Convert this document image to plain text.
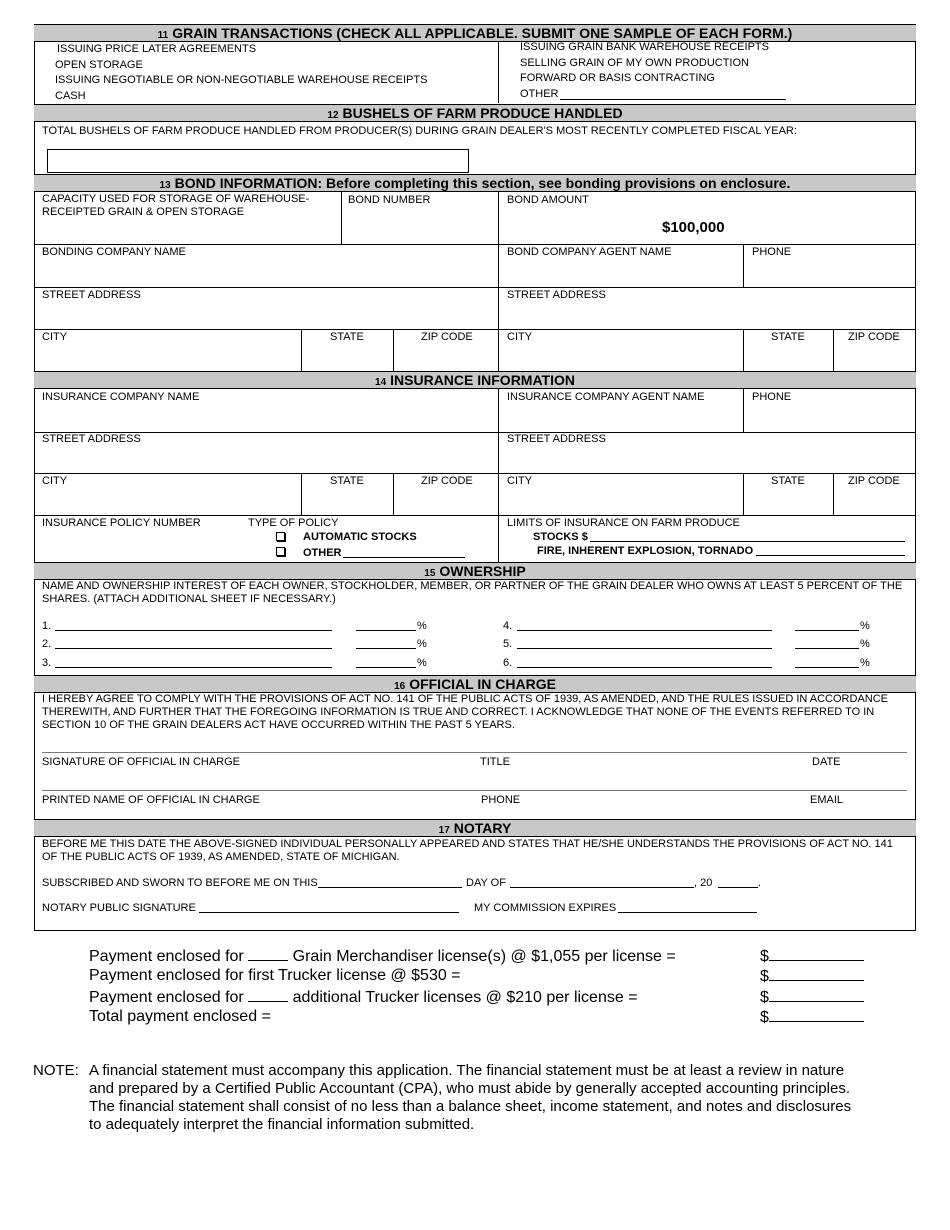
11 GRAIN TRANSACTIONS (CHECK ALL APPLICABLE. SUBMIT ONE SAMPLE OF EACH FORM.)
ISSUING PRICE LATER AGREEMENTS
OPEN STORAGE
ISSUING NEGOTIABLE OR NON-NEGOTIABLE WAREHOUSE RECEIPTS
CASH
ISSUING GRAIN BANK WAREHOUSE RECEIPTS
SELLING GRAIN OF MY OWN PRODUCTION
FORWARD OR BASIS CONTRACTING
OTHER
12 BUSHELS OF FARM PRODUCE HANDLED
TOTAL BUSHELS OF FARM PRODUCE HANDLED FROM PRODUCER(S) DURING GRAIN DEALER'S MOST RECENTLY COMPLETED FISCAL YEAR:
13 BOND INFORMATION: Before completing this section, see bonding provisions on enclosure.
CAPACITY USED FOR STORAGE OF WAREHOUSE-
RECEIPTED GRAIN & OPEN STORAGE
BOND NUMBER	BOND AMOUNT
$100,000
BONDING COMPANY NAME	BOND COMPANY AGENT NAME	PHONE
STREET ADDRESS	STREET ADDRESS
CITY	STATE	ZIP CODE	CITY	STATE	ZIP CODE
14 INSURANCE INFORMATION
INSURANCE COMPANY NAME	INSURANCE COMPANY AGENT NAME	PHONE
STREET ADDRESS	STREET ADDRESS
CITY	STATE	ZIP CODE	CITY	STATE	ZIP CODE
INSURANCE POLICY NUMBER	TYPE OF POLICY
AUTOMATIC STOCKS
OTHER
LIMITS OF INSURANCE ON FARM PRODUCE
STOCKS $
FIRE, INHERENT EXPLOSION, TORNADO
15 OWNERSHIP
NAME AND OWNERSHIP INTEREST OF EACH OWNER, STOCKHOLDER, MEMBER, OR PARTNER OF THE GRAIN DEALER WHO OWNS AT LEAST 5 PERCENT OF THE SHARES. (ATTACH ADDITIONAL SHEET IF NECESSARY.)
1.	%
2.	%
3.	%
4.	%
5.	%
6.	%
16 OFFICIAL IN CHARGE
I HEREBY AGREE TO COMPLY WITH THE PROVISIONS OF ACT NO. 141 OF THE PUBLIC ACTS OF 1939, AS AMENDED, AND THE RULES ISSUED IN ACCORDANCE THEREWITH, AND FURTHER THAT THE FOREGOING INFORMATION IS TRUE AND CORRECT. I ACKNOWLEDGE THAT NONE OF THE EVENTS REFERRED TO IN SECTION 10 OF THE GRAIN DEALERS ACT HAVE OCCURRED WITHIN THE PAST 5 YEARS.
SIGNATURE OF OFFICIAL IN CHARGE	TITLE	DATE
PRINTED NAME OF OFFICIAL IN CHARGE	PHONE	EMAIL
17 NOTARY
BEFORE ME THIS DATE THE ABOVE-SIGNED INDIVIDUAL PERSONALLY APPEARED AND STATES THAT HE/SHE UNDERSTANDS THE PROVISIONS OF ACT NO. 141 OF THE PUBLIC ACTS OF 1939, AS AMENDED, STATE OF MICHIGAN.
SUBSCRIBED AND SWORN TO BEFORE ME ON THIS	DAY OF	, 20	.
NOTARY PUBLIC SIGNATURE	MY COMMISSION EXPIRES
Payment enclosed for	Grain Merchandiser license(s) @ $1,055 per license =
Payment enclosed for first Trucker license @ $530 =
Payment enclosed for	additional Trucker licenses @ $210 per license =
Total payment enclosed =
$
$
$
$
NOTE: A financial statement must accompany this application. The financial statement must be at least a review in nature and prepared by a Certified Public Accountant (CPA), who must abide by generally accepted accounting principles. The financial statement shall consist of no less than a balance sheet, income statement, and notes and disclosures to adequately interpret the financial information submitted.
